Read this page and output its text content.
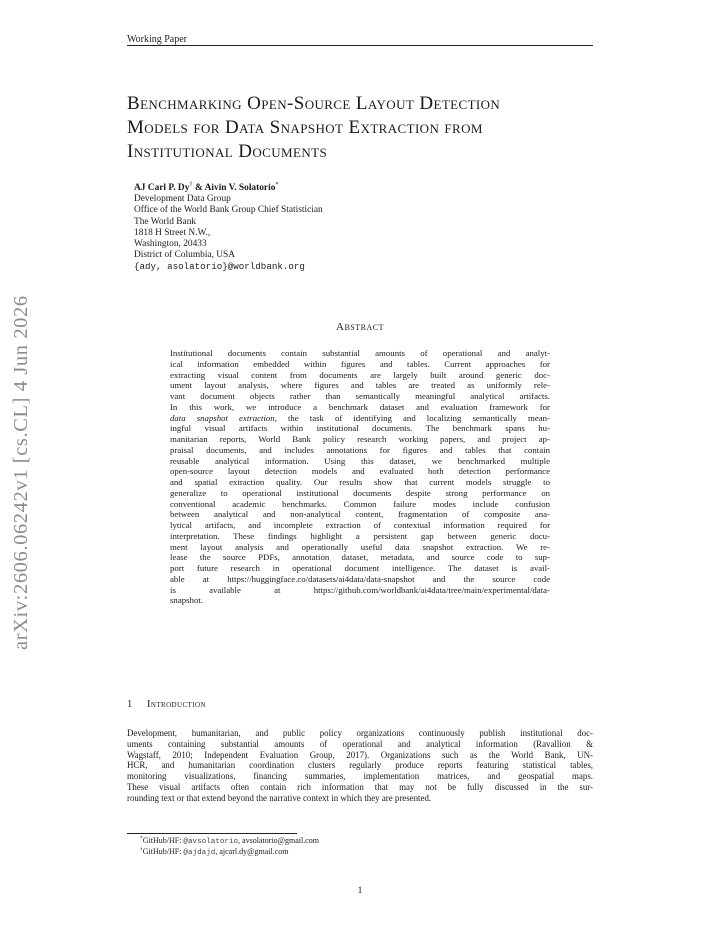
Working Paper
Benchmarking Open-Source Layout Detection
Models for Data Snapshot Extraction from
Institutional Documents
AJ Carl P. Dy† & Aivin V. Solatorio*
Development Data Group
Office of the World Bank Group Chief Statistician
The World Bank
1818 H Street N.W.,
Washington, 20433
District of Columbia, USA
{ady, asolatorio}@worldbank.org
Abstract
Institutional documents contain substantial amounts of operational and analyt-
ical information embedded within figures and tables. Current approaches for
extracting visual content from documents are largely built around generic doc-
ument layout analysis, where figures and tables are treated as uniformly rele-
vant document objects rather than semantically meaningful analytical artifacts.
In this work, we introduce a benchmark dataset and evaluation framework for
data snapshot extraction, the task of identifying and localizing semantically mean-
ingful visual artifacts within institutional documents. The benchmark spans hu-
manitarian reports, World Bank policy research working papers, and project ap-
praisal documents, and includes annotations for figures and tables that contain
reusable analytical information. Using this dataset, we benchmarked multiple
open-source layout detection models and evaluated both detection performance
and spatial extraction quality. Our results show that current models struggle to
generalize to operational institutional documents despite strong performance on
conventional academic benchmarks. Common failure modes include confusion
between analytical and non-analytical content, fragmentation of composite ana-
lytical artifacts, and incomplete extraction of contextual information required for
interpretation. These findings highlight a persistent gap between generic docu-
ment layout analysis and operationally useful data snapshot extraction. We re-
lease the source PDFs, annotation dataset, metadata, and source code to sup-
port future research in operational document intelligence. The dataset is avail-
able at https://huggingface.co/datasets/ai4data/data-snapshot and the source code
is available at https://github.com/worldbank/ai4data/tree/main/experimental/data-
snapshot.
arXiv:2606.06242v1 [cs.CL] 4 Jun 2026
1 Introduction
Development, humanitarian, and public policy organizations continuously publish institutional doc-
uments containing substantial amounts of operational and analytical information (Ravallion &
Wagstaff, 2010; Independent Evaluation Group, 2017). Organizations such as the World Bank, UN-
HCR, and humanitarian coordination clusters regularly produce reports featuring statistical tables,
monitoring visualizations, financing summaries, implementation matrices, and geospatial maps.
These visual artifacts often contain rich information that may not be fully discussed in the sur-
rounding text or that extend beyond the narrative context in which they are presented.
*GitHub/HF: @avsolatorio, avsolatorio@gmail.com
†GitHub/HF: @ajdajd, ajcarl.dy@gmail.com
1
